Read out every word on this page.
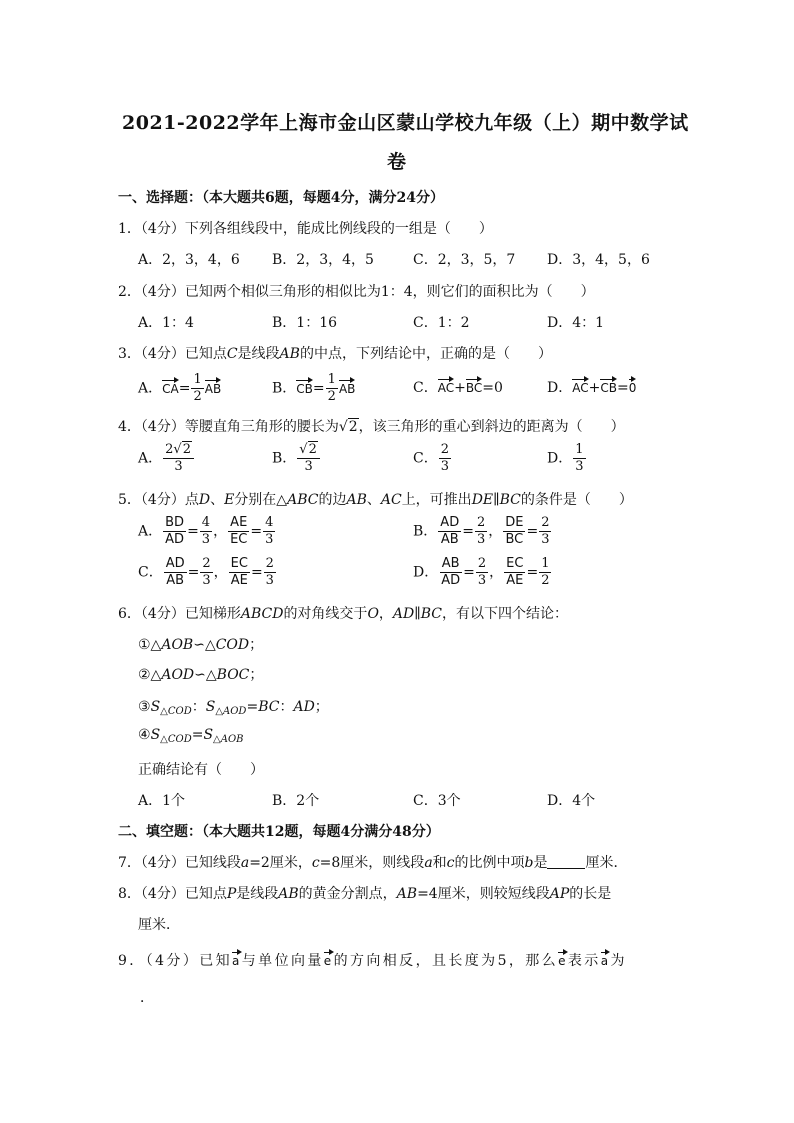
2021-2022学年上海市金山区蒙山学校九年级（上）期中数学试
卷
一、选择题：（本大题共6题，每题4分，满分24分）
1．（4分）下列各组线段中，能成比例线段的一组是（　　）
A．2，3，4，6 B．2，3，4，5	C．2，3，5，7 D．3，4，5，6
2．（4分）已知两个相似三角形的相似比为1：4，则它们的面积比为（　　）
A．1：4	B．1：16	C．1：2	D．4：1
3．（4分）已知点C是线段AB的中点，下列结论中，正确的是（　　）
A．$CA= \frac{1}{2}$ AB	B．$CB= \frac{1}{2}$ AB	C．AC+BC=0	D．AC+CB=0
4．（4分）等腰直角三角形的腰长为√2，该三角形的重心到斜边的距离为（　　）
A． $\frac{2√2}{3}$	B． $\frac{√2}{3}$	C． $\frac{2}{3}$	D． $\frac{1}{3}$
5．（4分）点D、E分别在△ABC的边AB、AC上，可推出DE∥BC的条件是（　　）
A． $\frac{BD}{AD} = \frac{4}{3}$ ， $\frac{AE}{EC} = \frac{4}{3}$	B． $\frac{AD}{AB} = \frac{2}{3}$ ， $\frac{DE}{BC} = \frac{2}{3}$
C． $\frac{AD}{AB} = \frac{2}{3}$ ， $\frac{EC}{AE} = \frac{2}{3}$	D． $\frac{AB}{AD} = \frac{2}{3}$ ， $\frac{EC}{AE} = \frac{1}{2}$
6．（4分）已知梯形ABCD的对角线交于O，AD∥BC，有以下四个结论：
①△AOB∽△COD；
②△AOD∽△BOC；
$③S_{\triangle COD}$：$S_{\triangle AOD}=BC$：AD；
$④S_{\triangle COD}=S_{\triangle AOB}$
正确结论有（　　）
A．1个	B．2个	C．3个	D．4个
二、填空题：（本大题共12题，每题4分满分48分）
7．（4分）已知线段a=2厘米，c=8厘米，则线段a和c的比例中项b是	厘米．
8．（4分）已知点P是线段AB的黄金分割点，AB=4厘米，则较短线段AP的长是
厘米．
9．（4分）已知a与单位向量e的方向相反，且长度为5，那么e表示a为
．
